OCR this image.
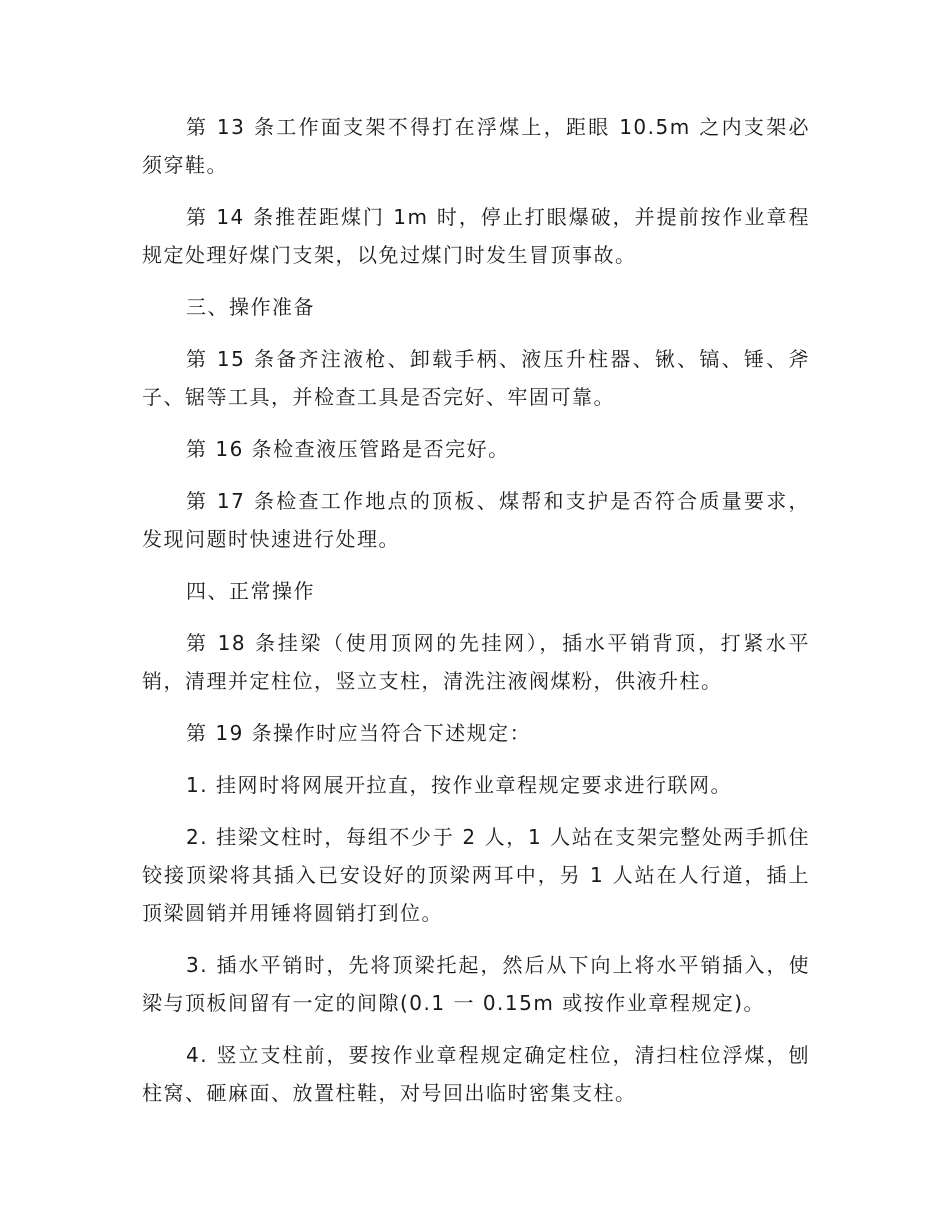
第 13 条工作面支架不得打在浮煤上，距眼 10.5m 之内支架必须穿鞋。

第 14 条推茬距煤门 1m 时，停止打眼爆破，并提前按作业章程规定处理好煤门支架，以免过煤门时发生冒顶事故。

三、操作准备

第 15 条备齐注液枪、卸载手柄、液压升柱器、锹、镐、锤、斧子、锯等工具，并检查工具是否完好、牢固可靠。

第 16 条检查液压管路是否完好。

第 17 条检查工作地点的顶板、煤帮和支护是否符合质量要求，发现问题时快速进行处理。

四、正常操作

第 18 条挂梁（使用顶网的先挂网），插水平销背顶，打紧水平销，清理并定柱位，竖立支柱，清洗注液阀煤粉，供液升柱。

第 19 条操作时应当符合下述规定：

1. 挂网时将网展开拉直，按作业章程规定要求进行联网。

2. 挂梁文柱时，每组不少于 2 人，1 人站在支架完整处两手抓住铰接顶梁将其插入已安设好的顶梁两耳中，另 1 人站在人行道，插上顶梁圆销并用锤将圆销打到位。

3. 插水平销时，先将顶梁托起，然后从下向上将水平销插入，使梁与顶板间留有一定的间隙(0.1 一 0.15m 或按作业章程规定)。

4. 竖立支柱前，要按作业章程规定确定柱位，清扫柱位浮煤，刨柱窝、砸麻面、放置柱鞋，对号回出临时密集支柱。
